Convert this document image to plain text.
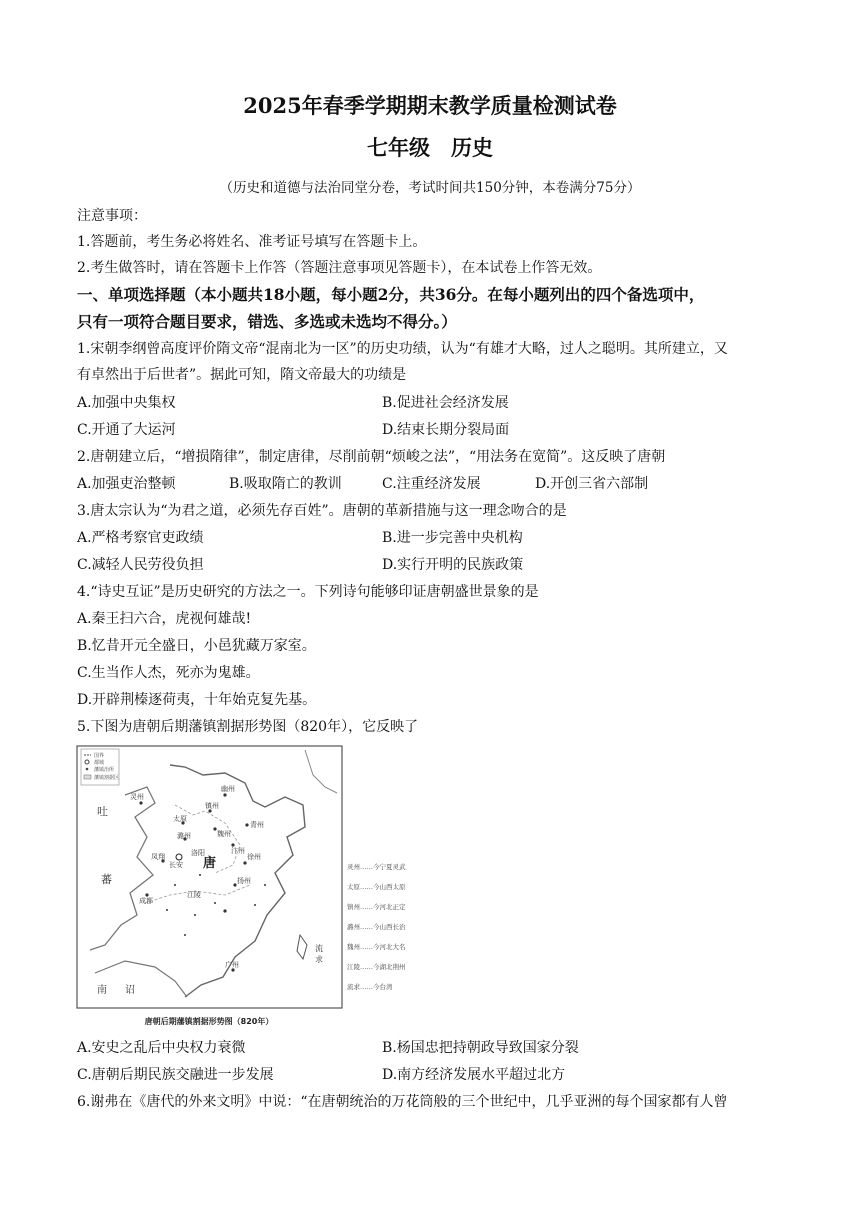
2025年春季学期期末教学质量检测试卷
七年级　历史
（历史和道德与法治同堂分卷，考试时间共150分钟，本卷满分75分）
注意事项：
1.答题前，考生务必将姓名、准考证号填写在答题卡上。
2.考生做答时，请在答题卡上作答（答题注意事项见答题卡），在本试卷上作答无效。
一、单项选择题（本小题共18小题，每小题2分，共36分。在每小题列出的四个备选项中，
只有一项符合题目要求，错选、多选或未选均不得分。）
1.宋朝李纲曾高度评价隋文帝“混南北为一区”的历史功绩，认为“有雄才大略，过人之聪明。其所建立，又
有卓然出于后世者”。据此可知，隋文帝最大的功绩是
A.加强中央集权	B.促进社会经济发展
C.开通了大运河	D.结束长期分裂局面
2.唐朝建立后，“增损隋律”，制定唐律，尽削前朝“烦峻之法”，“用法务在宽简”。这反映了唐朝
A.加强吏治整顿	B.吸取隋亡的教训	C.注重经济发展	D.开创三省六部制
3.唐太宗认为“为君之道，必须先存百姓”。唐朝的革新措施与这一理念吻合的是
A.严格考察官吏政绩	B.进一步完善中央机构
C.减轻人民劳役负担	D.实行开明的民族政策
4.“诗史互证”是历史研究的方法之一。下列诗句能够印证唐朝盛世景象的是
A.秦王扫六合，虎视何雄哉!
B.忆昔开元全盛日，小邑犹藏万家室。
C.生当作人杰，死亦为鬼雄。
D.开辟荆榛逐荷夷，十年始克复先基。
5.下图为唐朝后期藩镇割据形势图（820年），它反映了
国界
都城
藩镇治所
藩镇割据区
吐
蕃
南 诏
唐
流
求
灵州
太原
镇州
幽州
魏州
潞州
青州
汴州
长安
洛阳
凤翔	徐州
扬州
成都
江陵
广州
唐朝后期藩镇割据形势图（820年）
灵州……今宁夏灵武
太原……今山西太原
镇州……今河北正定
潞州……今山西长治
魏州……今河北大名
江陵……今湖北荆州
流求……今台湾
A.安史之乱后中央权力衰微	B.杨国忠把持朝政导致国家分裂
C.唐朝后期民族交融进一步发展	D.南方经济发展水平超过北方
6.谢弗在《唐代的外来文明》中说：“在唐朝统治的万花筒般的三个世纪中，几乎亚洲的每个国家都有人曾
